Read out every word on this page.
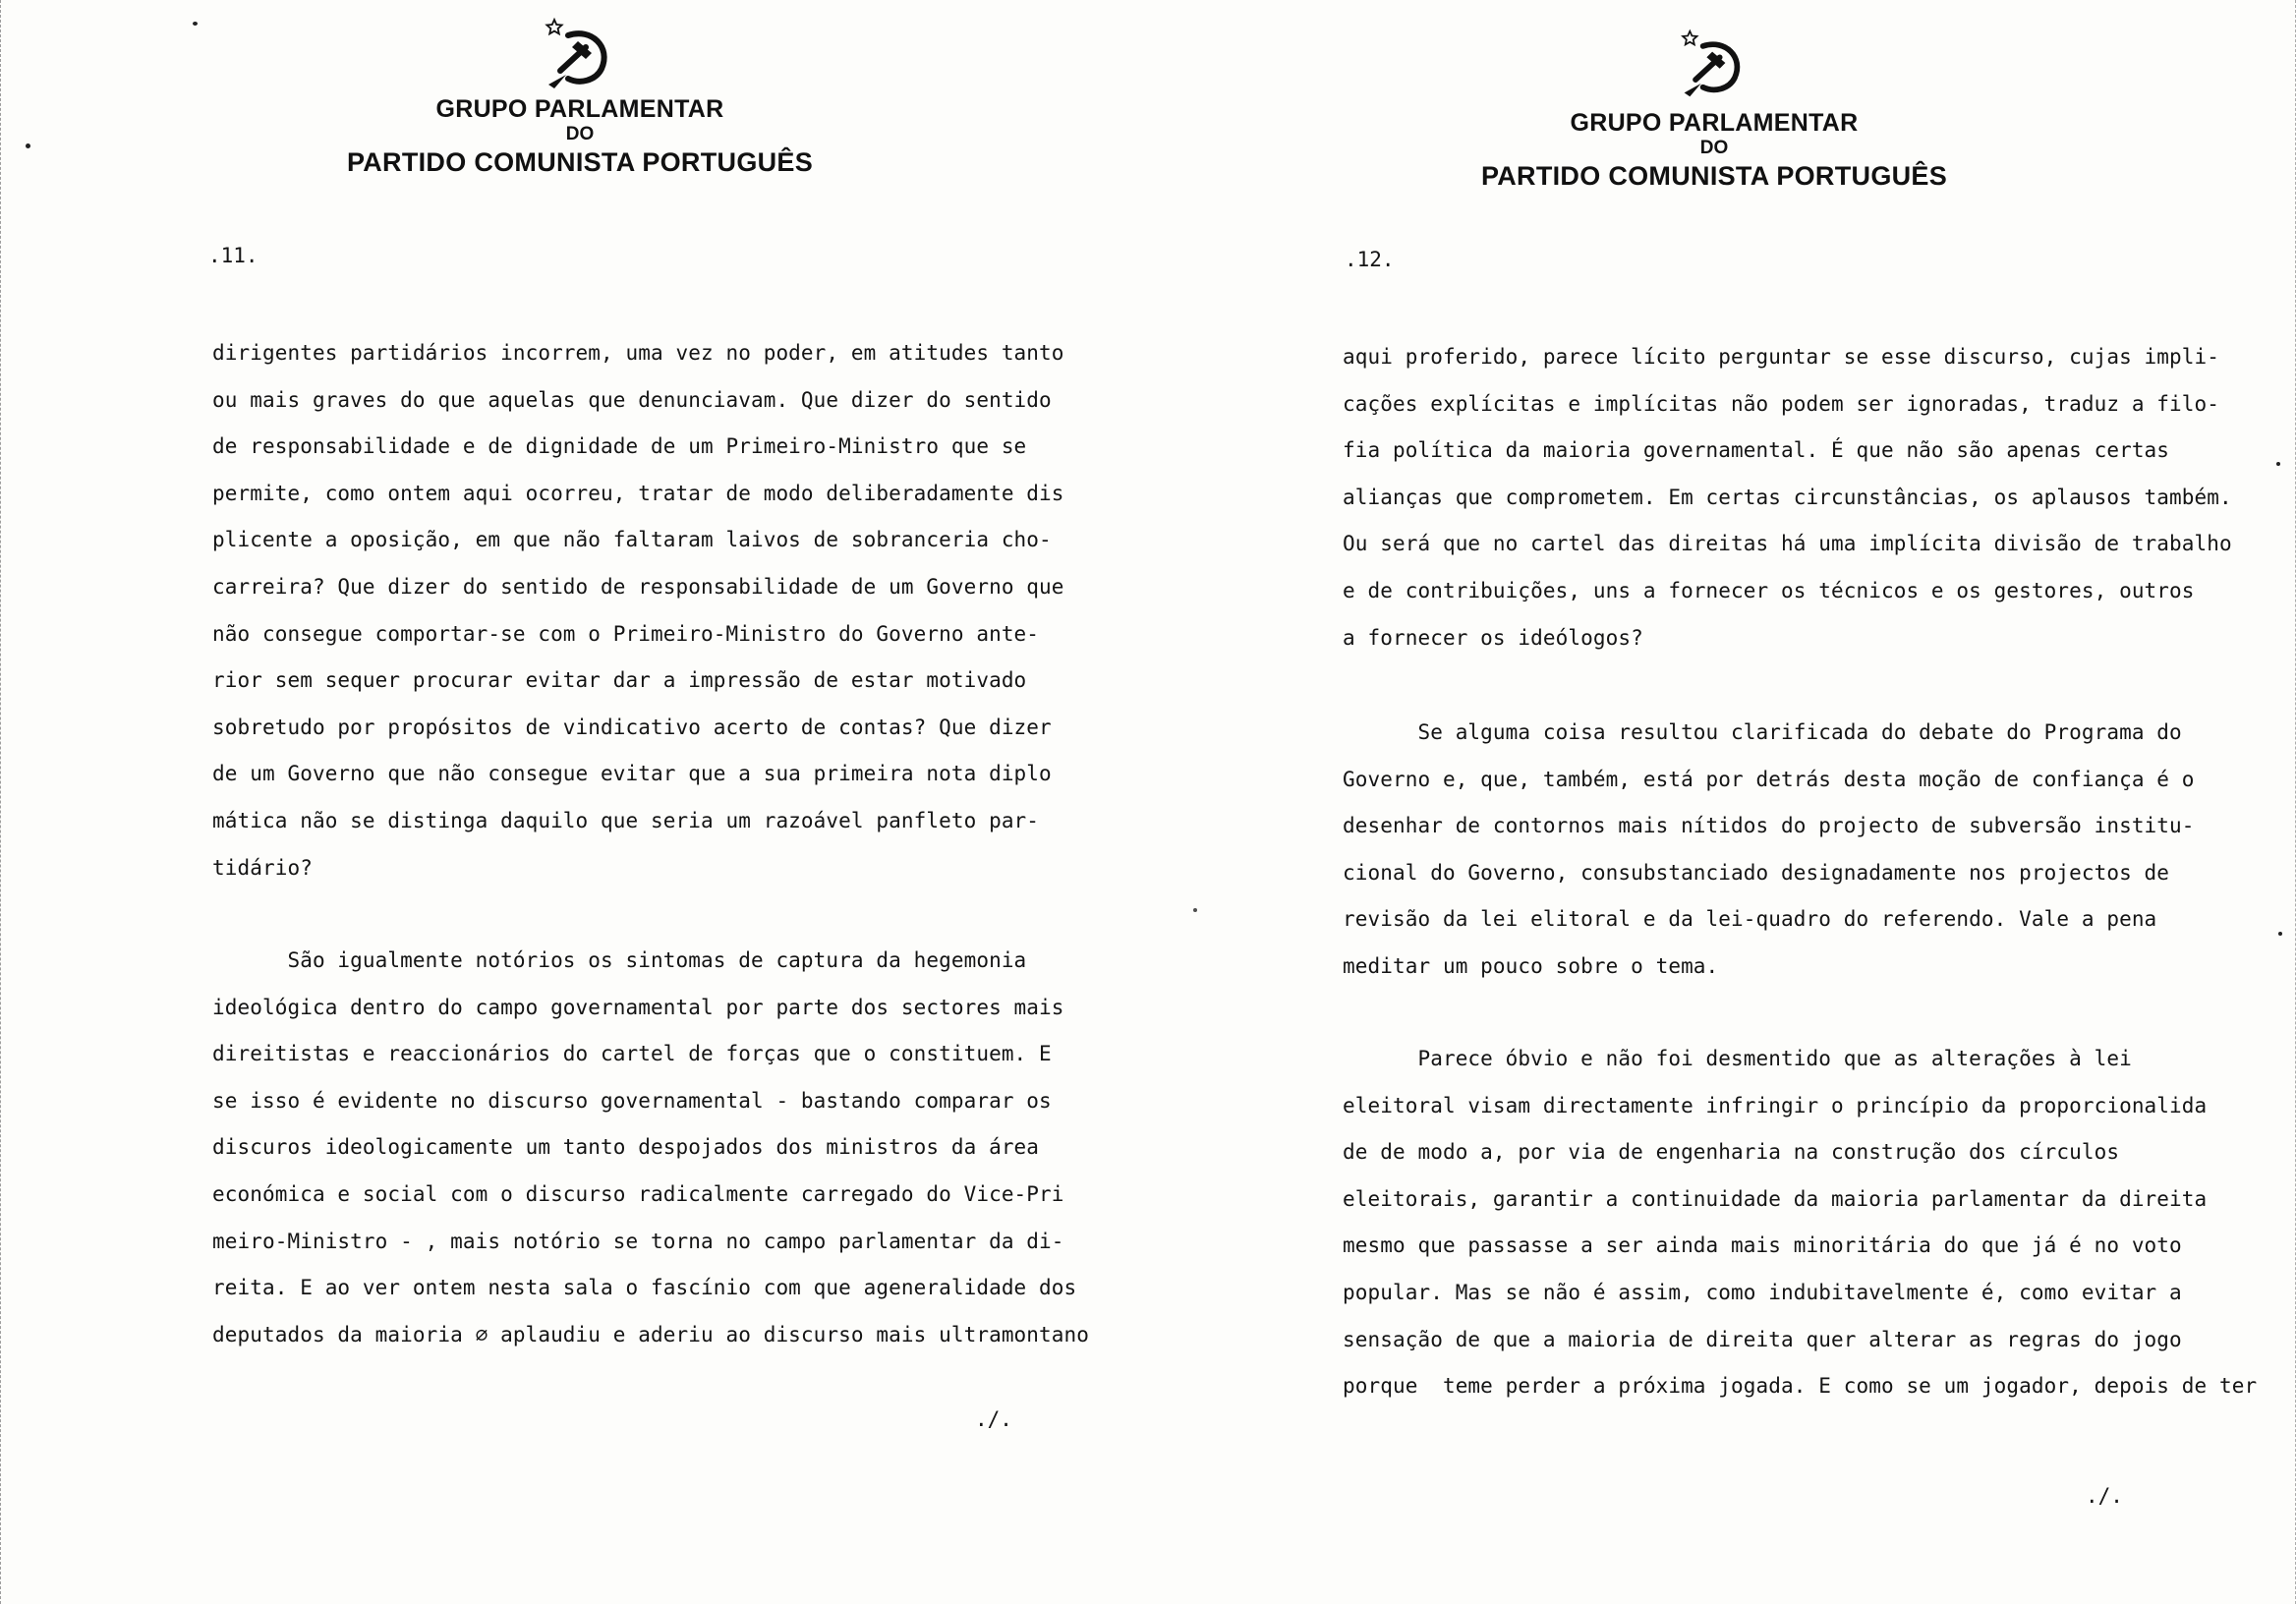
GRUPO PARLAMENTAR
DO
PARTIDO COMUNISTA PORTUGUÊS
.11.
dirigentes partidários incorrem, uma vez no poder, em atitudes tanto
ou mais graves do que aquelas que denunciavam. Que dizer do sentido
de responsabilidade e de dignidade de um Primeiro-Ministro que se
permite, como ontem aqui ocorreu, tratar de modo deliberadamente dis
plicente a oposição, em que não faltaram laivos de sobranceria cho-
carreira? Que dizer do sentido de responsabilidade de um Governo que
não consegue comportar-se com o Primeiro-Ministro do Governo ante-
rior sem sequer procurar evitar dar a impressão de estar motivado
sobretudo por propósitos de vindicativo acerto de contas? Que dizer
de um Governo que não consegue evitar que a sua primeira nota diplo
mática não se distinga daquilo que seria um razoável panfleto par-
tidário?
São igualmente notórios os sintomas de captura da hegemonia
ideológica dentro do campo governamental por parte dos sectores mais
direitistas e reaccionários do cartel de forças que o constituem. E
se isso é evidente no discurso governamental - bastando comparar os
discuros ideologicamente um tanto despojados dos ministros da área
económica e social com o discurso radicalmente carregado do Vice-Pri
meiro-Ministro - , mais notório se torna no campo parlamentar da di-
reita. E ao ver ontem nesta sala o fascínio com que ageneralidade dos
deputados da maioria ∅ aplaudiu e aderiu ao discurso mais ultramontano
./.
GRUPO PARLAMENTAR
DO
PARTIDO COMUNISTA PORTUGUÊS
.12.
aqui proferido, parece lícito perguntar se esse discurso, cujas impli-
cações explícitas e implícitas não podem ser ignoradas, traduz a filo-
fia política da maioria governamental. É que não são apenas certas
alianças que comprometem. Em certas circunstâncias, os aplausos também.
Ou será que no cartel das direitas há uma implícita divisão de trabalho
e de contribuições, uns a fornecer os técnicos e os gestores, outros
a fornecer os ideólogos?
Se alguma coisa resultou clarificada do debate do Programa do
Governo e, que, também, está por detrás desta moção de confiança é o
desenhar de contornos mais nítidos do projecto de subversão institu-
cional do Governo, consubstanciado designadamente nos projectos de
revisão da lei elitoral e da lei-quadro do referendo. Vale a pena
meditar um pouco sobre o tema.
Parece óbvio e não foi desmentido que as alterações à lei
eleitoral visam directamente infringir o princípio da proporcionalida
de de modo a, por via de engenharia na construção dos círculos
eleitorais, garantir a continuidade da maioria parlamentar da direita
mesmo que passasse a ser ainda mais minoritária do que já é no voto
popular. Mas se não é assim, como indubitavelmente é, como evitar a
sensação de que a maioria de direita quer alterar as regras do jogo
porque  teme perder a próxima jogada. E como se um jogador, depois de ter
./.
